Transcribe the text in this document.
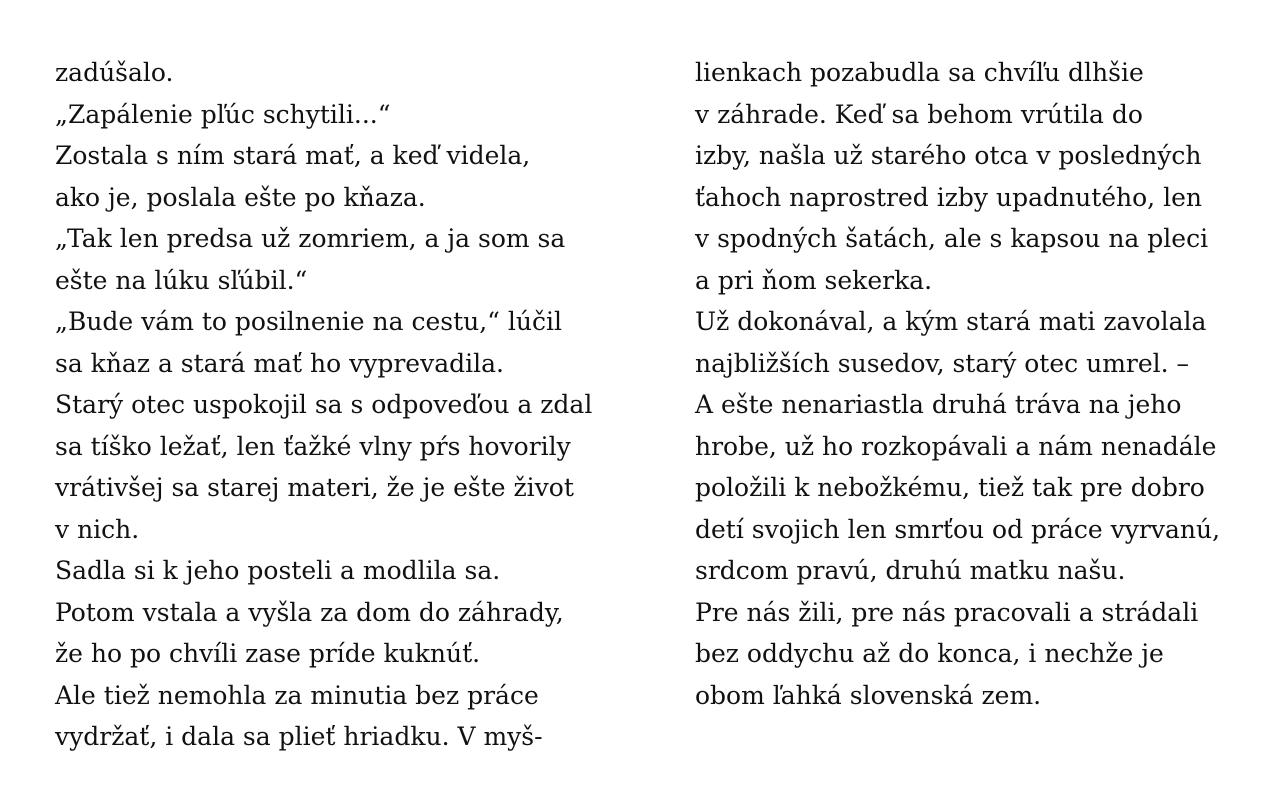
zadúšalo.
„Zapálenie pľúc schytili...“
Zostala s ním stará mať, a keď videla,
ako je, poslala ešte po kňaza.
„Tak len predsa už zomriem, a ja som sa
ešte na lúku sľúbil.“
„Bude vám to posilnenie na cestu,“ lúčil
sa kňaz a stará mať ho vyprevadila.
Starý otec uspokojil sa s odpoveďou a zdal
sa tíško ležať, len ťažké vlny pŕs hovorily
vrátivšej sa starej materi, že je ešte život
v nich.
Sadla si k jeho posteli a modlila sa.
Potom vstala a vyšla za dom do záhrady,
že ho po chvíli zase príde kuknúť.
Ale tiež nemohla za minutia bez práce
vydržať, i dala sa plieť hriadku. V myš-
lienkach pozabudla sa chvíľu dlhšie
v záhrade. Keď sa behom vrútila do
izby, našla už starého otca v posledných
ťahoch naprostred izby upadnutého, len
v spodných šatách, ale s kapsou na pleci
a pri ňom sekerka.
Už dokonával, a kým stará mati zavolala
najbližších susedov, starý otec umrel. –
A ešte nenariastla druhá tráva na jeho
hrobe, už ho rozkopávali a nám nenadále
položili k nebožkému, tiež tak pre dobro
detí svojich len smrťou od práce vyrvanú,
srdcom pravú, druhú matku našu.
Pre nás žili, pre nás pracovali a strádali
bez oddychu až do konca, i nechže je
obom ľahká slovenská zem.
